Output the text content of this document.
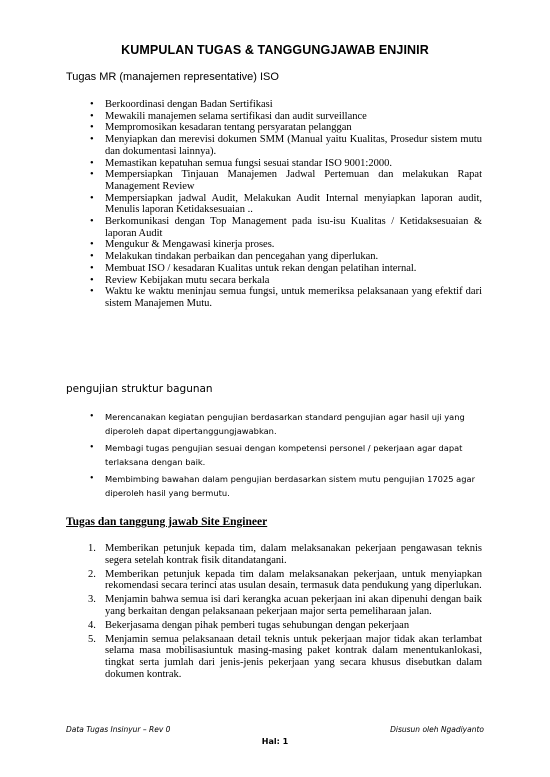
KUMPULAN TUGAS & TANGGUNGJAWAB ENJINIR
Tugas MR (manajemen representative) ISO
• Berkoordinasi dengan Badan Sertifikasi
• Mewakili manajemen selama sertifikasi dan audit surveillance
• Mempromosikan kesadaran tentang persyaratan pelanggan
• Menyiapkan dan merevisi dokumen SMM (Manual yaitu Kualitas, Prosedur sistem mutu dan dokumentasi lainnya).
• Memastikan kepatuhan semua fungsi sesuai standar ISO 9001:2000.
• Mempersiapkan Tinjauan Manajemen Jadwal Pertemuan dan melakukan Rapat Management Review
• Mempersiapkan jadwal Audit, Melakukan Audit Internal menyiapkan laporan audit, Menulis laporan Ketidaksesuaian ..
• Berkomunikasi dengan Top Management pada isu-isu Kualitas / Ketidaksesuaian & laporan Audit
• Mengukur & Mengawasi kinerja proses.
• Melakukan tindakan perbaikan dan pencegahan yang diperlukan.
• Membuat ISO / kesadaran Kualitas untuk rekan dengan pelatihan internal.
• Review Kebijakan mutu secara berkala
• Waktu ke waktu meninjau semua fungsi, untuk memeriksa pelaksanaan yang efektif dari sistem Manajemen Mutu.
pengujian struktur bagunan
• Merencanakan kegiatan pengujian berdasarkan standard pengujian agar hasil uji yang diperoleh dapat dipertanggungjawabkan.
• Membagi tugas pengujian sesuai dengan kompetensi personel / pekerjaan agar dapat terlaksana dengan baik.
• Membimbing bawahan dalam pengujian berdasarkan sistem mutu pengujian 17025 agar diperoleh hasil yang bermutu.
Tugas dan tanggung jawab Site Engineer
1. Memberikan petunjuk kepada tim, dalam melaksanakan pekerjaan pengawasan teknis segera setelah kontrak fisik ditandatangani.
2. Memberikan petunjuk kepada tim dalam melaksanakan pekerjaan, untuk menyiapkan rekomendasi secara terinci atas usulan desain, termasuk data pendukung yang diperlukan.
3. Menjamin bahwa semua isi dari kerangka acuan pekerjaan ini akan dipenuhi dengan baik yang berkaitan dengan pelaksanaan pekerjaan major serta pemeliharaan jalan.
4. Bekerjasama dengan pihak pemberi tugas sehubungan dengan pekerjaan
5. Menjamin semua pelaksanaan detail teknis untuk pekerjaan major tidak akan terlambat selama masa mobilisasiuntuk masing-masing paket kontrak dalam menentukanlokasi, tingkat serta jumlah dari jenis-jenis pekerjaan yang secara khusus disebutkan dalam dokumen kontrak.
Data Tugas Insinyur – Rev 0	Disusun oleh Ngadiyanto
Hal: 1
